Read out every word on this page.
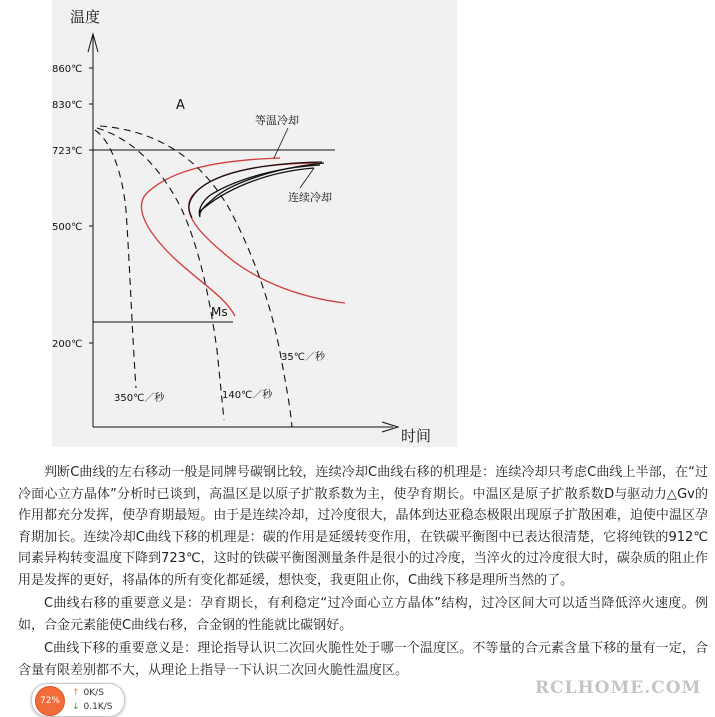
温度
时间
860℃
830℃
723℃
500℃
200℃
A
等温冷却
连续冷却
Ms
35℃／秒
140℃／秒
350℃／秒

判断C曲线的左右移动一般是同牌号碳钢比较，连续冷却C曲线右移的机理是：连续冷却只考虑C曲线上半部，在“过冷面心立方晶体”分析时已谈到，高温区是以原子扩散系数为主，使孕育期长。中温区是原子扩散系数D与驱动力△Gv的作用都充分发挥，使孕育期最短。由于是连续冷却，过冷度很大，晶体到达亚稳态极限出现原子扩散困难，迫使中温区孕育期加长。连续冷却C曲线下移的机理是：碳的作用是延缓转变作用，在铁碳平衡图中已表达很清楚，它将纯铁的912℃同素异构转变温度下降到723℃，这时的铁碳平衡图测量条件是很小的过冷度，当淬火的过冷度很大时，碳杂质的阻止作用是发挥的更好，将晶体的所有变化都延缓，想快变，我更阻止你，C曲线下移是理所当然的了。

C曲线右移的重要意义是：孕育期长，有利稳定“过冷面心立方晶体”结构，过冷区间大可以适当降低淬火速度。例如，合金元素能使C曲线右移，合金钢的性能就比碳钢好。

C曲线下移的重要意义是：理论指导认识二次回火脆性处于哪一个温度区。不等量的合元素含量下移的量有一定，合含量有限差别都不大，从理论上指导一下认识二次回火脆性温度区。

RCLHOME.COM
72%
↑ 0K/S
↓ 0.1K/S
